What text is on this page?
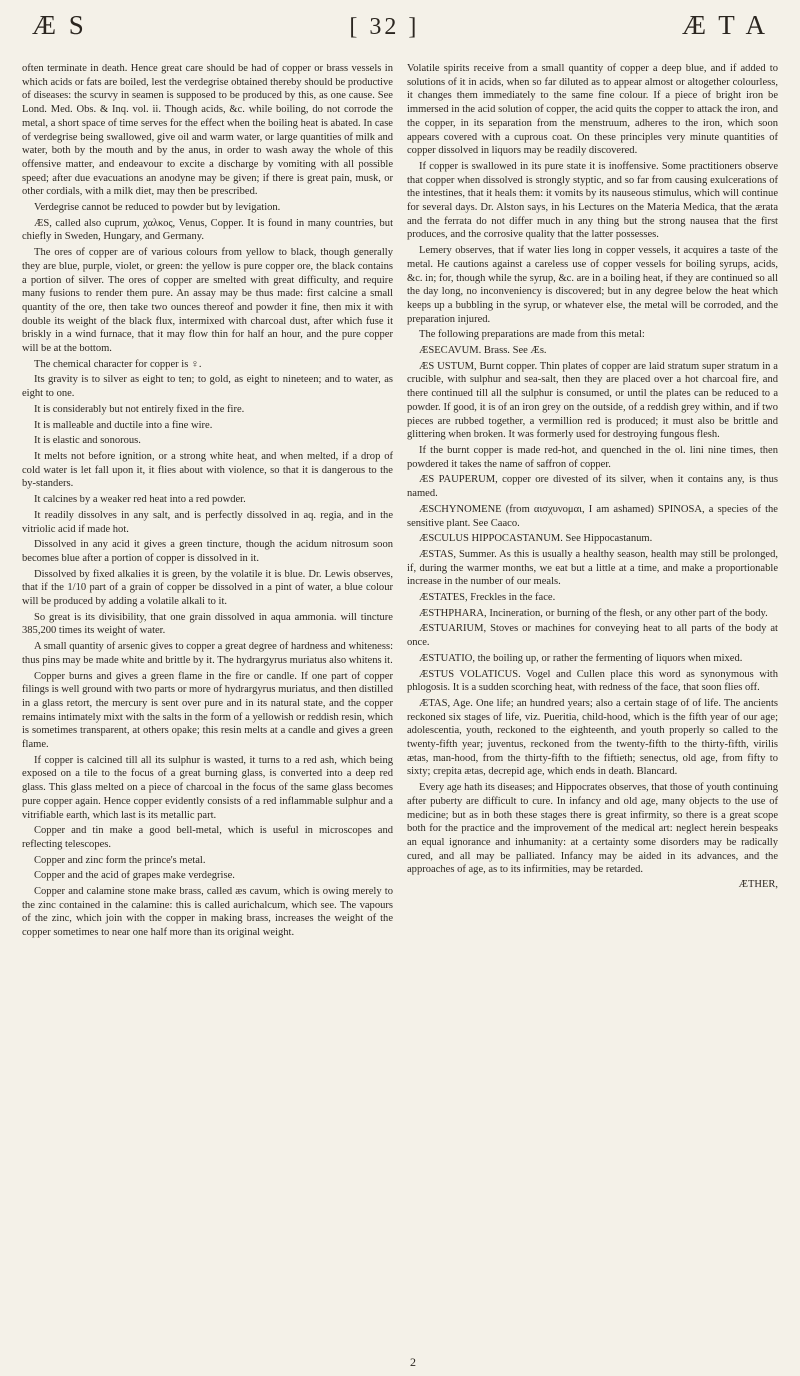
Æ S	[ 32 ]	Æ T A

often terminate in death. Hence great care should be had of copper or brass vessels in which acids or fats are boiled, lest the verdegrise obtained thereby should be productive of diseases: the scurvy in seamen is supposed to be produced by this, as one cause. See Lond. Med. Obs. & Inq. vol. ii. Though acids, &c. while boiling, do not corrode the metal, a short space of time serves for the effect when the boiling heat is abated. In case of verdegrise being swallowed, give oil and warm water, or large quantities of milk and water, both by the mouth and by the anus, in order to wash away the whole of this offensive matter, and endeavour to excite a discharge by vomiting with all possible speed; after due evacuations an anodyne may be given; if there is great pain, musk, or other cordials, with a milk diet, may then be prescribed.

Verdegrise cannot be reduced to powder but by levigation.

ÆS, called also cuprum, χαλκος, Venus, Copper. It is found in many countries, but chiefly in Sweden, Hungary, and Germany.

The ores of copper are of various colours from yellow to black, though generally they are blue, purple, violet, or green: the yellow is pure copper ore, the black contains a portion of silver. The ores of copper are smelted with great difficulty, and require many fusions to render them pure. An assay may be thus made: first calcine a small quantity of the ore, then take two ounces thereof and powder it fine, then mix it with double its weight of the black flux, intermixed with charcoal dust, after which fuse it briskly in a wind furnace, that it may flow thin for half an hour, and the pure copper will be at the bottom.

The chemical character for copper is ♀.

Its gravity is to silver as eight to ten; to gold, as eight to nineteen; and to water, as eight to one.

It is considerably but not entirely fixed in the fire.

It is malleable and ductile into a fine wire.

It is elastic and sonorous.

It melts not before ignition, or a strong white heat, and when melted, if a drop of cold water is let fall upon it, it flies about with violence, so that it is dangerous to the by-standers.

It calcines by a weaker red heat into a red powder.

It readily dissolves in any salt, and is perfectly dissolved in aq. regia, and in the vitriolic acid if made hot.

Dissolved in any acid it gives a green tincture, though the acidum nitrosum soon becomes blue after a portion of copper is dissolved in it.

Dissolved by fixed alkalies it is green, by the volatile it is blue. Dr. Lewis observes, that if the 1/10 part of a grain of copper be dissolved in a pint of water, a blue colour will be produced by adding a volatile alkali to it.

So great is its divisibility, that one grain dissolved in aqua ammonia. will tincture 385,200 times its weight of water.

A small quantity of arsenic gives to copper a great degree of hardness and whiteness: thus pins may be made white and brittle by it. The hydrargyrus muriatus also whitens it.

Copper burns and gives a green flame in the fire or candle. If one part of copper filings is well ground with two parts or more of hydrargyrus muriatus, and then distilled in a glass retort, the mercury is sent over pure and in its natural state, and the copper remains intimately mixt with the salts in the form of a yellowish or reddish resin, which is sometimes transparent, at others opake; this resin melts at a candle and gives a green flame.

If copper is calcined till all its sulphur is wasted, it turns to a red ash, which being exposed on a tile to the focus of a great burning glass, is converted into a deep red glass. This glass melted on a piece of charcoal in the focus of the same glass becomes pure copper again. Hence copper evidently consists of a red inflammable sulphur and a vitrifiable earth, which last is its metallic part.

Copper and tin make a good bell-metal, which is useful in microscopes and reflecting telescopes.

Copper and zinc form the prince's metal.

Copper and the acid of grapes make verdegrise.

Copper and calamine stone make brass, called æs cavum, which is owing merely to the zinc contained in the calamine: this is called aurichalcum, which see. The vapours of the zinc, which join with the copper in making brass, increases the weight of the copper sometimes to near one half more than its original weight.

Volatile spirits receive from a small quantity of copper a deep blue, and if added to solutions of it in acids, when so far diluted as to appear almost or altogether colourless, it changes them immediately to the same fine colour. If a piece of bright iron be immersed in the acid solution of copper, the acid quits the copper to attack the iron, and the copper, in its separation from the menstruum, adheres to the iron, which soon appears covered with a cuprous coat. On these principles very minute quantities of copper dissolved in liquors may be readily discovered.

If copper is swallowed in its pure state it is inoffensive. Some practitioners observe that copper when dissolved is strongly styptic, and so far from causing exulcerations of the intestines, that it heals them: it vomits by its nauseous stimulus, which will continue for several days. Dr. Alston says, in his Lectures on the Materia Medica, that the ærata and the ferrata do not differ much in any thing but the strong nausea that the first produces, and the corrosive quality that the latter possesses.

Lemery observes, that if water lies long in copper vessels, it acquires a taste of the metal. He cautions against a careless use of copper vessels for boiling syrups, acids, &c. in; for, though while the syrup, &c. are in a boiling heat, if they are continued so all the day long, no inconveniency is discovered; but in any degree below the heat which keeps up a bubbling in the syrup, or whatever else, the metal will be corroded, and the preparation injured.

The following preparations are made from this metal:

ÆSECAVUM. Brass. See Æs.

ÆS USTUM, Burnt copper. Thin plates of copper are laid stratum super stratum in a crucible, with sulphur and sea-salt, then they are placed over a hot charcoal fire, and there continued till all the sulphur is consumed, or until the plates can be reduced to a powder. If good, it is of an iron grey on the outside, of a reddish grey within, and if two pieces are rubbed together, a vermillion red is produced; it must also be brittle and glittering when broken. It was formerly used for destroying fungous flesh.

If the burnt copper is made red-hot, and quenched in the ol. lini nine times, then powdered it takes the name of saffron of copper.

ÆS PAUPERUM, copper ore divested of its silver, when it contains any, is thus named.

ÆSCHYNOMENE (from αισχυνομαι, I am ashamed) SPINOSA, a species of the sensitive plant. See Caaco.

ÆSCULUS HIPPOCASTANUM. See Hippocastanum.

ÆSTAS, Summer. As this is usually a healthy season, health may still be prolonged, if, during the warmer months, we eat but a little at a time, and make a proportionable increase in the number of our meals.

ÆSTATES, Freckles in the face.

ÆSTHPHARA, Incineration, or burning of the flesh, or any other part of the body.

ÆSTUARIUM, Stoves or machines for conveying heat to all parts of the body at once.

ÆSTUATIO, the boiling up, or rather the fermenting of liquors when mixed.

ÆSTUS VOLATICUS. Vogel and Cullen place this word as synonymous with phlogosis. It is a sudden scorching heat, with redness of the face, that soon flies off.

ÆTAS, Age. One life; an hundred years; also a certain stage of of life. The ancients reckoned six stages of life, viz. Pueritia, child-hood, which is the fifth year of our age; adolescentia, youth, reckoned to the eighteenth, and youth properly so called to the twenty-fifth year; juventus, reckoned from the twenty-fifth to the thirty-fifth, virilis ætas, man-hood, from the thirty-fifth to the fiftieth; senectus, old age, from fifty to sixty; crepita ætas, decrepid age, which ends in death. Blancard.

Every age hath its diseases; and Hippocrates observes, that those of youth continuing after puberty are difficult to cure. In infancy and old age, many objects to the use of medicine; but as in both these stages there is great infirmity, so there is a great scope both for the practice and the improvement of the medical art: neglect herein bespeaks an equal ignorance and inhumanity: at a certainty some disorders may be radically cured, and all may be palliated. Infancy may be aided in its advances, and the approaches of age, as to its infirmities, may be retarded.

ÆTHER,
2
